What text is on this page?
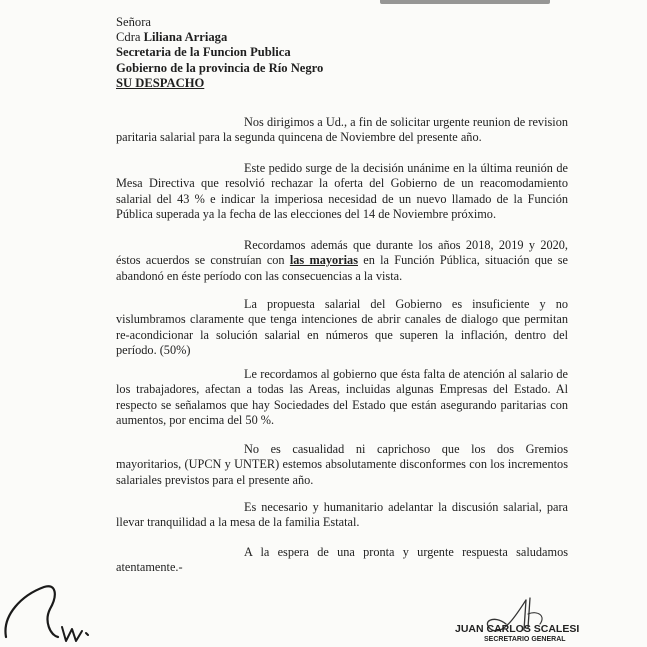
Señora
Cdra Liliana Arriaga
Secretaria de la Funcion Publica
Gobierno de la provincia de Río Negro
SU DESPACHO
Nos dirigimos a Ud., a fin de solicitar urgente reunion de revision paritaria salarial para la segunda quincena de Noviembre del presente año.
Este pedido surge de la decisión unánime en la última reunión de Mesa Directiva que resolvió rechazar la oferta del Gobierno de un reacomodamiento salarial del 43 % e indicar la imperiosa necesidad de un nuevo llamado de la Función Pública superada ya la fecha de las elecciones del 14 de Noviembre próximo.
Recordamos además que durante los años 2018, 2019 y 2020, éstos acuerdos se construían con las mayorias en la Función Pública, situación que se abandonó en éste período con las consecuencias a la vista.
La propuesta salarial del Gobierno es insuficiente y no vislumbramos claramente que tenga intenciones de abrir canales de dialogo que permitan re-acondicionar la solución salarial en números que superen la inflación, dentro del período. (50%)
Le recordamos al gobierno que ésta falta de atención al salario de los trabajadores, afectan a todas las Areas, incluidas algunas Empresas del Estado. Al respecto se señalamos que hay Sociedades del Estado que están asegurando paritarias con aumentos, por encima del 50 %.
No es casualidad ni caprichoso que los dos Gremios mayoritarios, (UPCN y UNTER) estemos absolutamente disconformes con los incrementos salariales previstos para el presente año.
Es necesario y humanitario adelantar la discusión salarial, para llevar tranquilidad a la mesa de la familia Estatal.
A la espera de una pronta y urgente respuesta saludamos atentamente.-
JUAN CARLOS SCALESI
SECRETARIO GENERAL
